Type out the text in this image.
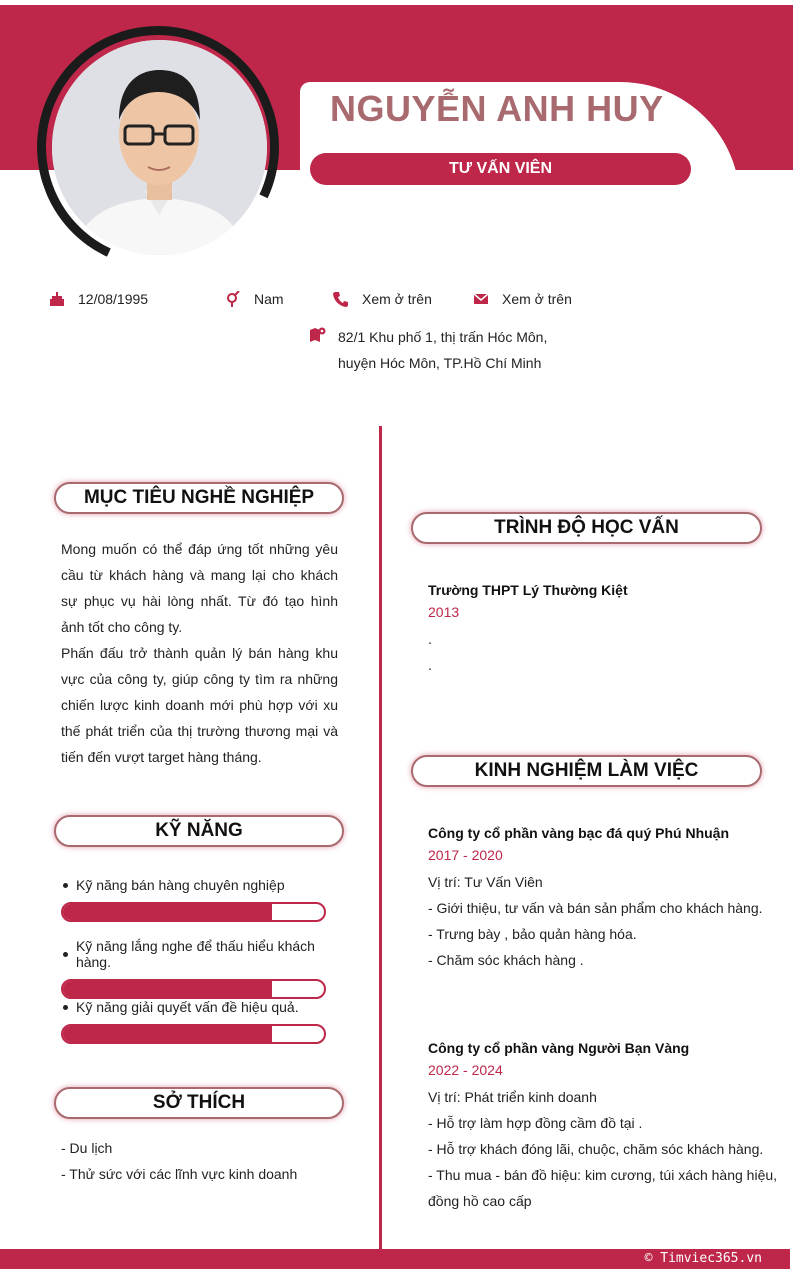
NGUYỄN ANH HUY
TƯ VẤN VIÊN
12/08/1995	Nam	Xem ở trên	Xem ở trên
82/1 Khu phố 1, thị trấn Hóc Môn, huyện Hóc Môn, TP.Hồ Chí Minh
MỤC TIÊU NGHỀ NGHIỆP
Mong muốn có thể đáp ứng tốt những yêu cầu từ khách hàng và mang lại cho khách sự phục vụ hài lòng nhất. Từ đó tạo hình ảnh tốt cho công ty.
Phấn đấu trở thành quản lý bán hàng khu vực của công ty, giúp công ty tìm ra những chiến lược kinh doanh mới phù hợp với xu thế phát triển của thị trường thương mại và tiến đến vượt target hàng tháng.
KỸ NĂNG
Kỹ năng bán hàng chuyên nghiệp
Kỹ năng lắng nghe để thấu hiểu khách hàng.
Kỹ năng giải quyết vấn đề hiệu quả.
SỞ THÍCH
- Du lịch
- Thử sức với các lĩnh vực kinh doanh
TRÌNH ĐỘ HỌC VẤN
Trường THPT Lý Thường Kiệt
2013
.
.
KINH NGHIỆM LÀM VIỆC
Công ty cổ phần vàng bạc đá quý Phú Nhuận
2017 - 2020
Vị trí: Tư Vấn Viên
- Giới thiệu, tư vấn và bán sản phẩm cho khách hàng.
- Trưng bày , bảo quản hàng hóa.
- Chăm sóc khách hàng .
Công ty cổ phần vàng Người Bạn Vàng
2022 - 2024
Vị trí: Phát triển kinh doanh
- Hỗ trợ làm hợp đồng cầm đồ tại .
- Hỗ trợ khách đóng lãi, chuộc, chăm sóc khách hàng.
- Thu mua - bán đồ hiệu: kim cương, túi xách hàng hiệu, đồng hồ cao cấp
© Timviec365.vn
